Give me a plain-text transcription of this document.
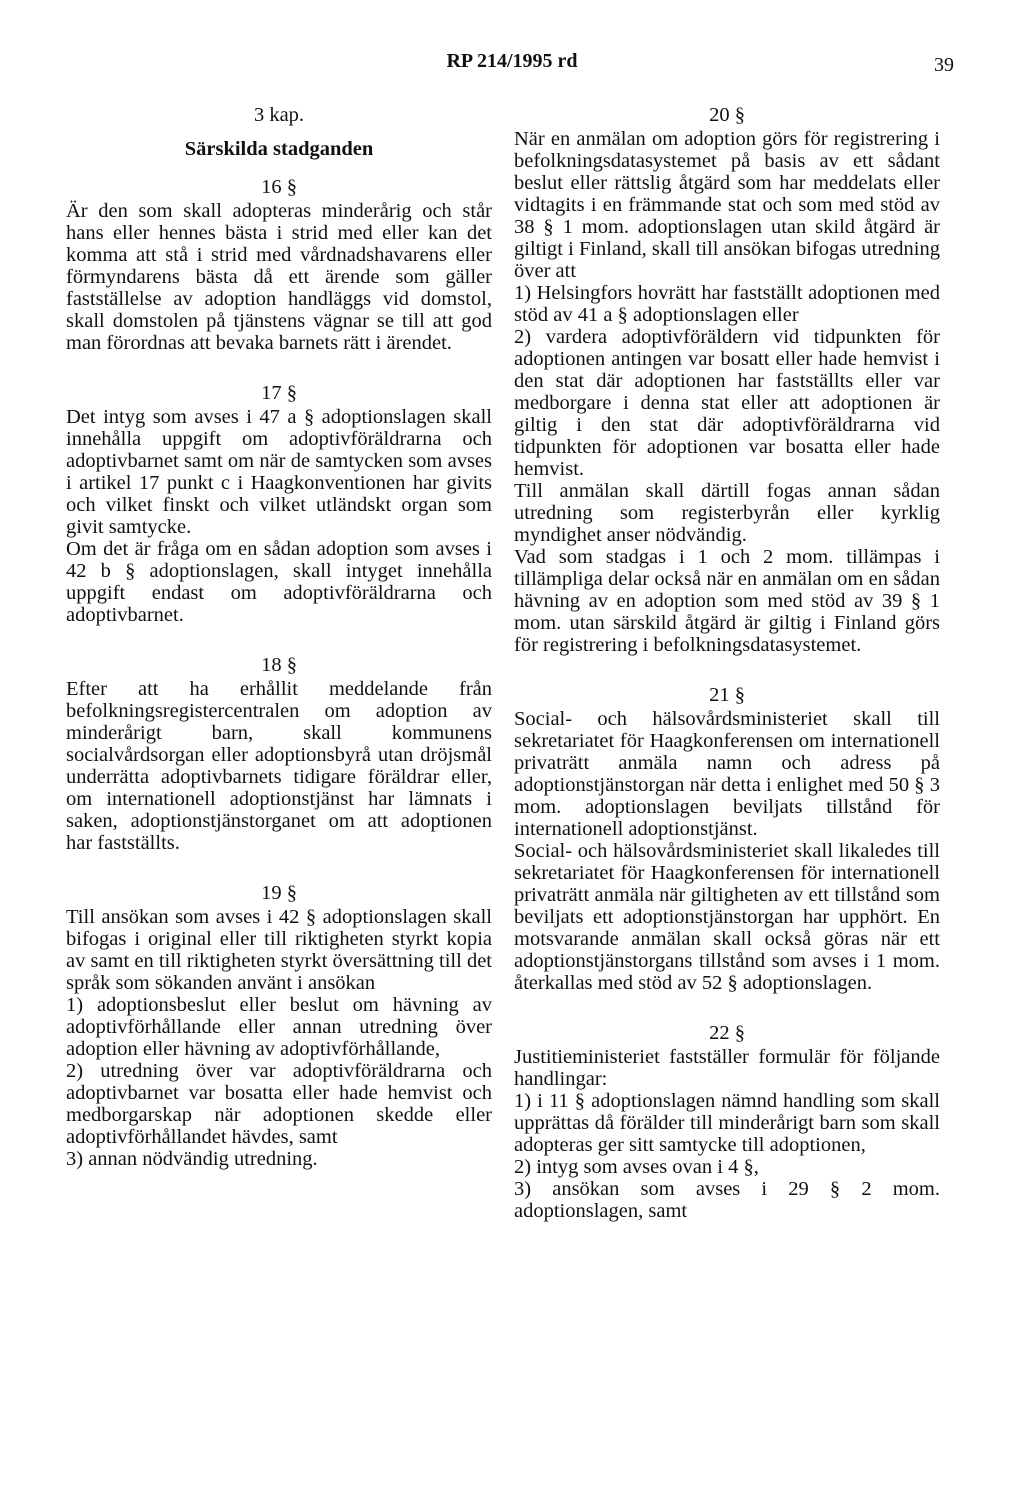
RP 214/1995 rd	39
3 kap.
Särskilda stadganden
16 §

Är den som skall adopteras minderårig och står hans eller hennes bästa i strid med eller kan det komma att stå i strid med vårdnadshavarens eller förmyndarens bästa då ett ärende som gäller fastställelse av adoption handläggs vid domstol, skall domstolen på tjänstens vägnar se till att god man förordnas att bevaka barnets rätt i ärendet.

17 §

Det intyg som avses i 47 a § adoptionslagen skall innehålla uppgift om adoptivföräldrarna och adoptivbarnet samt om när de samtycken som avses i artikel 17 punkt c i Haagkonventionen har givits och vilket finskt och vilket utländskt organ som givit samtycke.

Om det är fråga om en sådan adoption som avses i 42 b § adoptionslagen, skall intyget innehålla uppgift endast om adoptivföräldrarna och adoptivbarnet.

18 §

Efter att ha erhållit meddelande från befolkningsregistercentralen om adoption av minderårigt barn, skall kommunens socialvårdsorgan eller adoptionsbyrå utan dröjsmål underrätta adoptivbarnets tidigare föräldrar eller, om internationell adoptionstjänst har lämnats i saken, adoptionstjänstorganet om att adoptionen har fastställts.

19 §

Till ansökan som avses i 42 § adoptionslagen skall bifogas i original eller till riktigheten styrkt kopia av samt en till riktigheten styrkt översättning till det språk som sökanden använt i ansökan

1) adoptionsbeslut eller beslut om hävning av adoptivförhållande eller annan utredning över adoption eller hävning av adoptivförhållande,

2) utredning över var adoptivföräldrarna och adoptivbarnet var bosatta eller hade hemvist och medborgarskap när adoptionen skedde eller adoptivförhållandet hävdes, samt

3) annan nödvändig utredning.

20 §

När en anmälan om adoption görs för registrering i befolkningsdatasystemet på basis av ett sådant beslut eller rättslig åtgärd som har meddelats eller vidtagits i en främmande stat och som med stöd av 38 § 1 mom. adoptionslagen utan skild åtgärd är giltigt i Finland, skall till ansökan bifogas utredning över att

1) Helsingfors hovrätt har fastställt adoptionen med stöd av 41 a § adoptionslagen eller

2) vardera adoptivföräldern vid tidpunkten för adoptionen antingen var bosatt eller hade hemvist i den stat där adoptionen har fastställts eller var medborgare i denna stat eller att adoptionen är giltig i den stat där adoptivföräldrarna vid tidpunkten för adoptionen var bosatta eller hade hemvist.

Till anmälan skall därtill fogas annan sådan utredning som registerbyrån eller kyrklig myndighet anser nödvändig.

Vad som stadgas i 1 och 2 mom. tillämpas i tillämpliga delar också när en anmälan om en sådan hävning av en adoption som med stöd av 39 § 1 mom. utan särskild åtgärd är giltig i Finland görs för registrering i befolkningsdatasystemet.

21 §

Social- och hälsovårdsministeriet skall till sekretariatet för Haagkonferensen om internationell privaträtt anmäla namn och adress på adoptionstjänstorgan när detta i enlighet med 50 § 3 mom. adoptionslagen beviljats tillstånd för internationell adoptionstjänst.

Social- och hälsovårdsministeriet skall likaledes till sekretariatet för Haagkonferensen för internationell privaträtt anmäla när giltigheten av ett tillstånd som beviljats ett adoptionstjänstorgan har upphört. En motsvarande anmälan skall också göras när ett adoptionstjänstorgans tillstånd som avses i 1 mom. återkallas med stöd av 52 § adoptionslagen.

22 §

Justitieministeriet fastställer formulär för följande handlingar:

1) i 11 § adoptionslagen nämnd handling som skall upprättas då förälder till minderårigt barn som skall adopteras ger sitt samtycke till adoptionen,

2) intyg som avses ovan i 4 §,

3) ansökan som avses i 29 § 2 mom. adoptionslagen, samt
